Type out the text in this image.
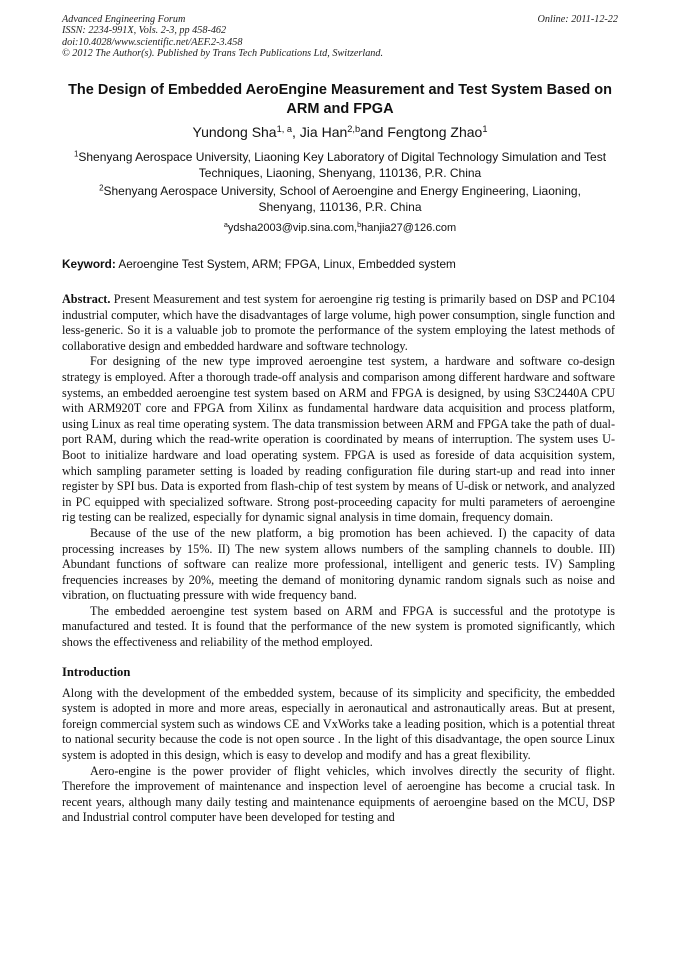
Advanced Engineering Forum	Online: 2011-12-22
ISSN: 2234-991X, Vols. 2-3, pp 458-462
doi:10.4028/www.scientific.net/AEF.2-3.458
© 2012 The Author(s). Published by Trans Tech Publications Ltd, Switzerland.
The Design of Embedded AeroEngine Measurement and Test System Based on ARM and FPGA
Yundong Sha$^{1, a}$, Jia Han$^{2,b}$and Fengtong Zhao$^1$
$^1$Shenyang Aerospace University, Liaoning Key Laboratory of Digital Technology Simulation and Test Techniques, Liaoning, Shenyang, 110136, P.R. China
$^2$Shenyang Aerospace University, School of Aeroengine and Energy Engineering, Liaoning, Shenyang, 110136, P.R. China
$^a$ydsha2003@vip.sina.com,$^b$hanjia27@126.com
Keyword: Aeroengine Test System, ARM; FPGA, Linux, Embedded system

Abstract. Present Measurement and test system for aeroengine rig testing is primarily based on DSP and PC104 industrial computer, which have the disadvantages of large volume, high power consumption, single function and less-generic. So it is a valuable job to promote the performance of the system employing the latest methods of collaborative design and embedded hardware and software technology.

For designing of the new type improved aeroengine test system, a hardware and software co-design strategy is employed. After a thorough trade-off analysis and comparison among different hardware and software systems, an embedded aeroengine test system based on ARM and FPGA is designed, by using S3C2440A CPU with ARM920T core and FPGA from Xilinx as fundamental hardware data acquisition and process platform, using Linux as real time operating system. The data transmission between ARM and FPGA take the path of dual-port RAM, during which the read-write operation is coordinated by means of interruption. The system uses U-Boot to initialize hardware and load operating system. FPGA is used as foreside of data acquisition system, which sampling parameter setting is loaded by reading configuration file during start-up and read into inner register by SPI bus. Data is exported from flash-chip of test system by means of U-disk or network, and analyzed in PC equipped with specialized software. Strong post-proceeding capacity for multi parameters of aeroengine rig testing can be realized, especially for dynamic signal analysis in time domain, frequency domain.

Because of the use of the new platform, a big promotion has been achieved. I) the capacity of data processing increases by 15%. II) The new system allows numbers of the sampling channels to double. III) Abundant functions of software can realize more professional, intelligent and generic tests. IV) Sampling frequencies increases by 20%, meeting the demand of monitoring dynamic random signals such as noise and vibration, on fluctuating pressure with wide frequency band.

The embedded aeroengine test system based on ARM and FPGA is successful and the prototype is manufactured and tested. It is found that the performance of the new system is promoted significantly, which shows the effectiveness and reliability of the method employed.

Introduction

Along with the development of the embedded system, because of its simplicity and specificity, the embedded system is adopted in more and more areas, especially in aeronautical and astronautically areas. But at present, foreign commercial system such as windows CE and VxWorks take a leading position, which is a potential threat to national security because the code is not open source . In the light of this disadvantage, the open source Linux system is adopted in this design, which is easy to develop and modify and has a great flexibility.

Aero-engine is the power provider of flight vehicles, which involves directly the security of flight. Therefore the improvement of maintenance and inspection level of aeroengine has become a crucial task. In recent years, although many daily testing and maintenance equipments of aeroengine based on the MCU, DSP and Industrial control computer have been developed for testing and
